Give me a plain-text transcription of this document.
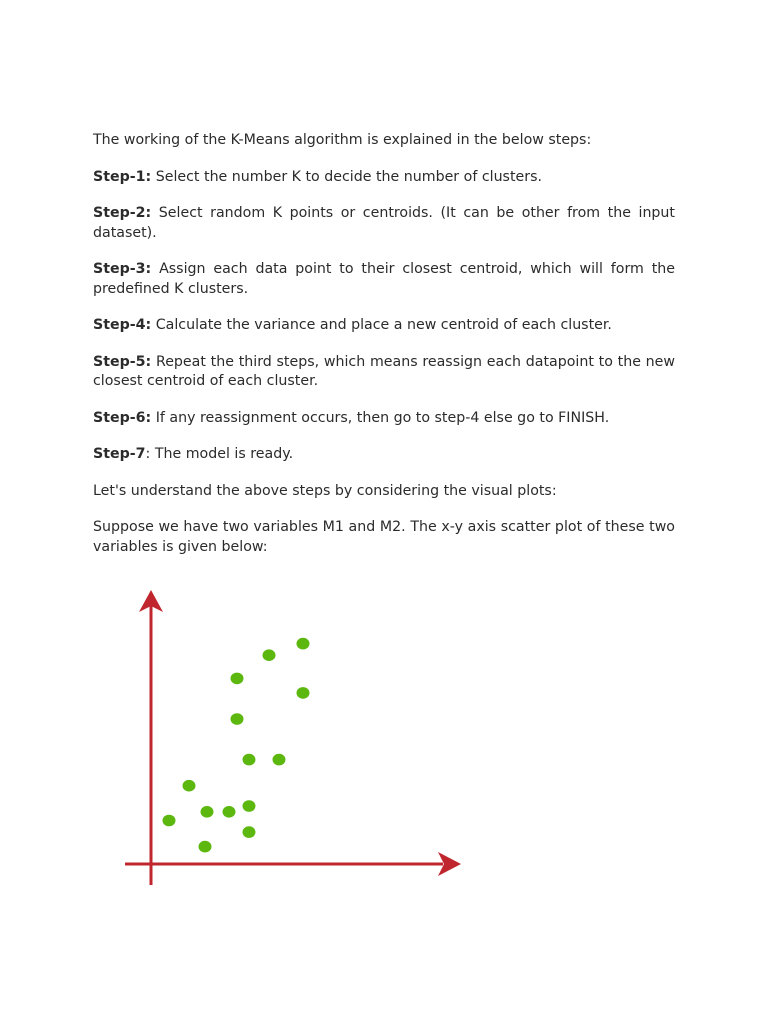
The working of the K-Means algorithm is explained in the below steps:

Step-1: Select the number K to decide the number of clusters.

Step-2: Select random K points or centroids. (It can be other from the input dataset).

Step-3: Assign each data point to their closest centroid, which will form the predefined K clusters.

Step-4: Calculate the variance and place a new centroid of each cluster.

Step-5: Repeat the third steps, which means reassign each datapoint to the new closest centroid of each cluster.

Step-6: If any reassignment occurs, then go to step-4 else go to FINISH.

Step-7: The model is ready.

Let's understand the above steps by considering the visual plots:

Suppose we have two variables M1 and M2. The x-y axis scatter plot of these two variables is given below:
